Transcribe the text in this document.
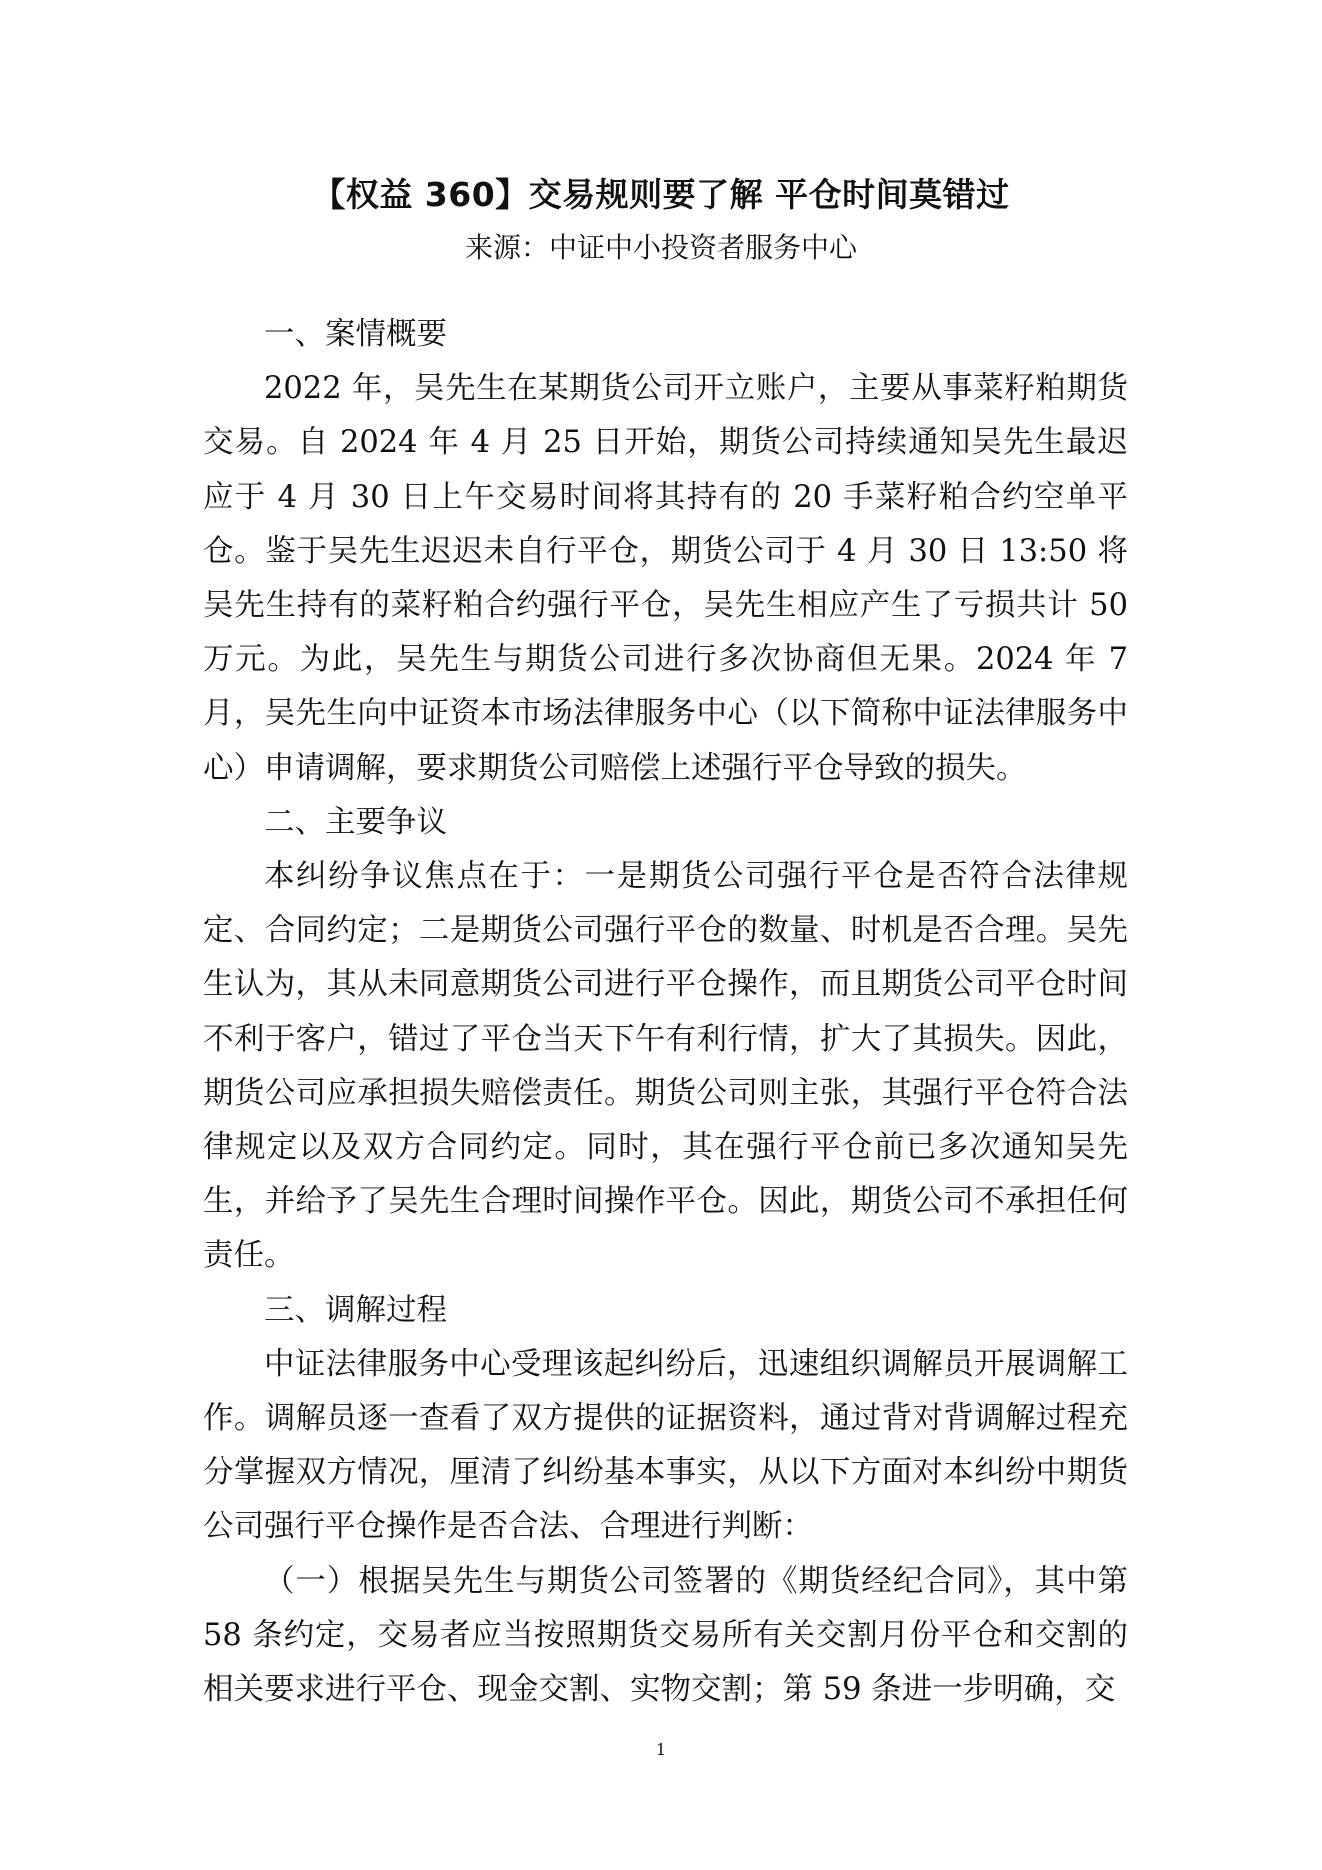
【权益 360】交易规则要了解 平仓时间莫错过
来源：中证中小投资者服务中心

一、案情概要

2022 年，吴先生在某期货公司开立账户，主要从事菜籽粕期货交易。自 2024 年 4 月 25 日开始，期货公司持续通知吴先生最迟应于 4 月 30 日上午交易时间将其持有的 20 手菜籽粕合约空单平仓。鉴于吴先生迟迟未自行平仓，期货公司于 4 月 30 日 13:50 将吴先生持有的菜籽粕合约强行平仓，吴先生相应产生了亏损共计 50 万元。为此，吴先生与期货公司进行多次协商但无果。2024 年 7 月，吴先生向中证资本市场法律服务中心（以下简称中证法律服务中心）申请调解，要求期货公司赔偿上述强行平仓导致的损失。

二、主要争议

本纠纷争议焦点在于：一是期货公司强行平仓是否符合法律规定、合同约定；二是期货公司强行平仓的数量、时机是否合理。吴先生认为，其从未同意期货公司进行平仓操作，而且期货公司平仓时间不利于客户，错过了平仓当天下午有利行情，扩大了其损失。因此，期货公司应承担损失赔偿责任。期货公司则主张，其强行平仓符合法律规定以及双方合同约定。同时，其在强行平仓前已多次通知吴先生，并给予了吴先生合理时间操作平仓。因此，期货公司不承担任何责任。

三、调解过程

中证法律服务中心受理该起纠纷后，迅速组织调解员开展调解工作。调解员逐一查看了双方提供的证据资料，通过背对背调解过程充分掌握双方情况，厘清了纠纷基本事实，从以下方面对本纠纷中期货公司强行平仓操作是否合法、合理进行判断：

（一）根据吴先生与期货公司签署的《期货经纪合同》，其中第 58 条约定，交易者应当按照期货交易所有关交割月份平仓和交割的相关要求进行平仓、现金交割、实物交割；第 59 条进一步明确，交

1
